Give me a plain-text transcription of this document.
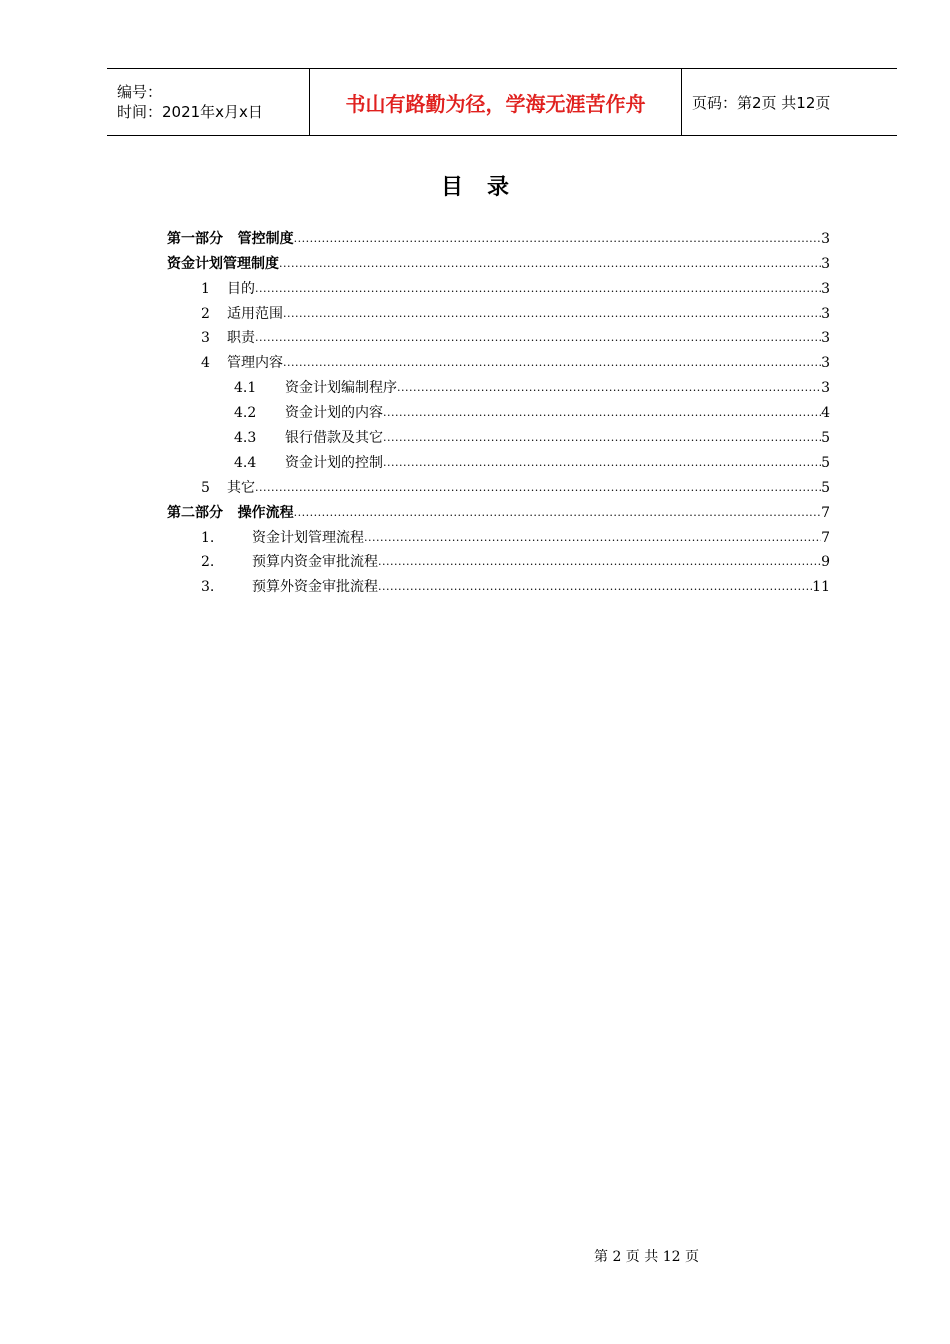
编号：
时间：2021年x月x日	书山有路勤为径，学海无涯苦作舟	页码：第2页 共12页
目录
第一部分   管控制度 .....	3
资金计划管理制度 .....	3
1 目的 .....	3
2 适用范围 .....	3
3 职责 .....	3
4 管理内容 .....	3
4.1 资金计划编制程序 .....	3
4.2 资金计划的内容 .....	4
4.3 银行借款及其它 .....	5
4.4 资金计划的控制 .....	5
5 其它 .....	5
第二部分   操作流程 .....	7
1.	资金计划管理流程 .....	7
2.	预算内资金审批流程 .....	9
3.	预算外资金审批流程 .....	11
第 2 页 共 12 页
